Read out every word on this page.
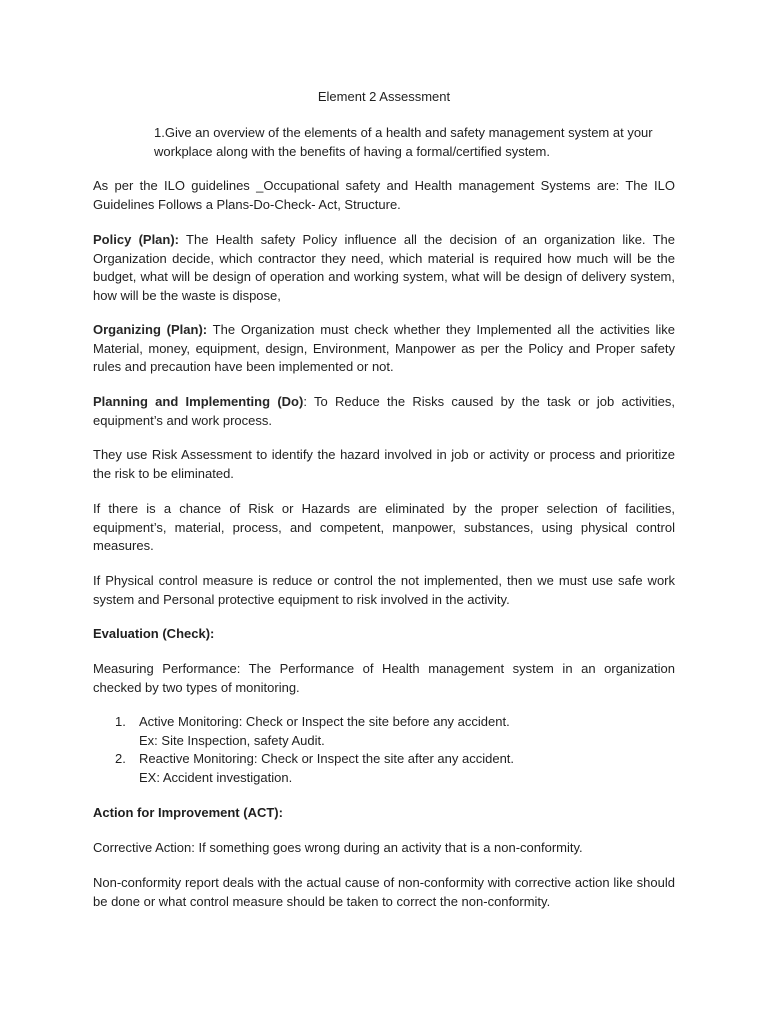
Element 2 Assessment

1.Give an overview of the elements of a health and safety management system at your workplace along with the benefits of having a formal/certified system.

As per the ILO guidelines _Occupational safety and Health management Systems are: The ILO Guidelines Follows a Plans-Do-Check- Act, Structure.

Policy (Plan): The Health safety Policy influence all the decision of an organization like. The Organization decide, which contractor they need, which material is required how much will be the budget, what will be design of operation and working system, what will be design of delivery system, how will be the waste is dispose,

Organizing (Plan): The Organization must check whether they Implemented all the activities like Material, money, equipment, design, Environment, Manpower as per the Policy and Proper safety rules and precaution have been implemented or not.

Planning and Implementing (Do): To Reduce the Risks caused by the task or job activities, equipment’s and work process.

They use Risk Assessment to identify the hazard involved in job or activity or process and prioritize the risk to be eliminated.

If there is a chance of Risk or Hazards are eliminated by the proper selection of facilities, equipment’s, material, process, and competent, manpower, substances, using physical control measures.

If Physical control measure is reduce or control the not implemented, then we must use safe work system and Personal protective equipment to risk involved in the activity.

Evaluation (Check):

Measuring Performance: The Performance of Health management system in an organization checked by two types of monitoring.

1. Active Monitoring: Check or Inspect the site before any accident.
Ex: Site Inspection, safety Audit.
2. Reactive Monitoring: Check or Inspect the site after any accident.
EX: Accident investigation.

Action for Improvement (ACT):

Corrective Action: If something goes wrong during an activity that is a non-conformity.

Non-conformity report deals with the actual cause of non-conformity with corrective action like should be done or what control measure should be taken to correct the non-conformity.
